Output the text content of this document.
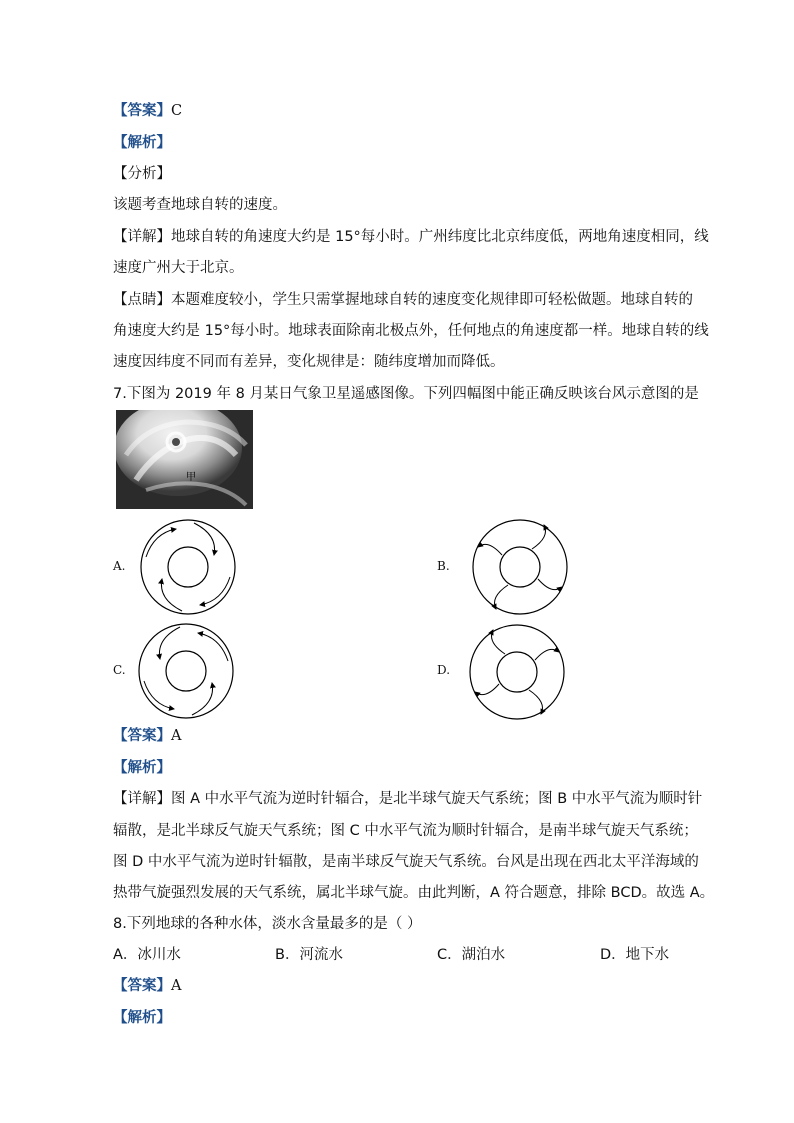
【答案】C
【解析】
【分析】
该题考查地球自转的速度。
【详解】地球自转的角速度大约是 15°每小时。广州纬度比北京纬度低，两地角速度相同，线
速度广州大于北京。
【点睛】本题难度较小，学生只需掌握地球自转的速度变化规律即可轻松做题。地球自转的
角速度大约是 15°每小时。地球表面除南北极点外，任何地点的角速度都一样。地球自转的线
速度因纬度不同而有差异，变化规律是：随纬度增加而降低。
7.下图为 2019 年 8 月某日气象卫星遥感图像。下列四幅图中能正确反映该台风示意图的是
甲
A.	B.
C.	D.
【答案】A
【解析】
【详解】图 A 中水平气流为逆时针辐合，是北半球气旋天气系统；图 B 中水平气流为顺时针
辐散，是北半球反气旋天气系统；图 C 中水平气流为顺时针辐合，是南半球气旋天气系统；
图 D 中水平气流为逆时针辐散，是南半球反气旋天气系统。台风是出现在西北太平洋海域的
热带气旋强烈发展的天气系统，属北半球气旋。由此判断，A 符合题意，排除 BCD。故选 A。
8.下列地球的各种水体，淡水含量最多的是（ ）
A．冰川水	B．河流水	C．湖泊水	D．地下水
【答案】A
【解析】
